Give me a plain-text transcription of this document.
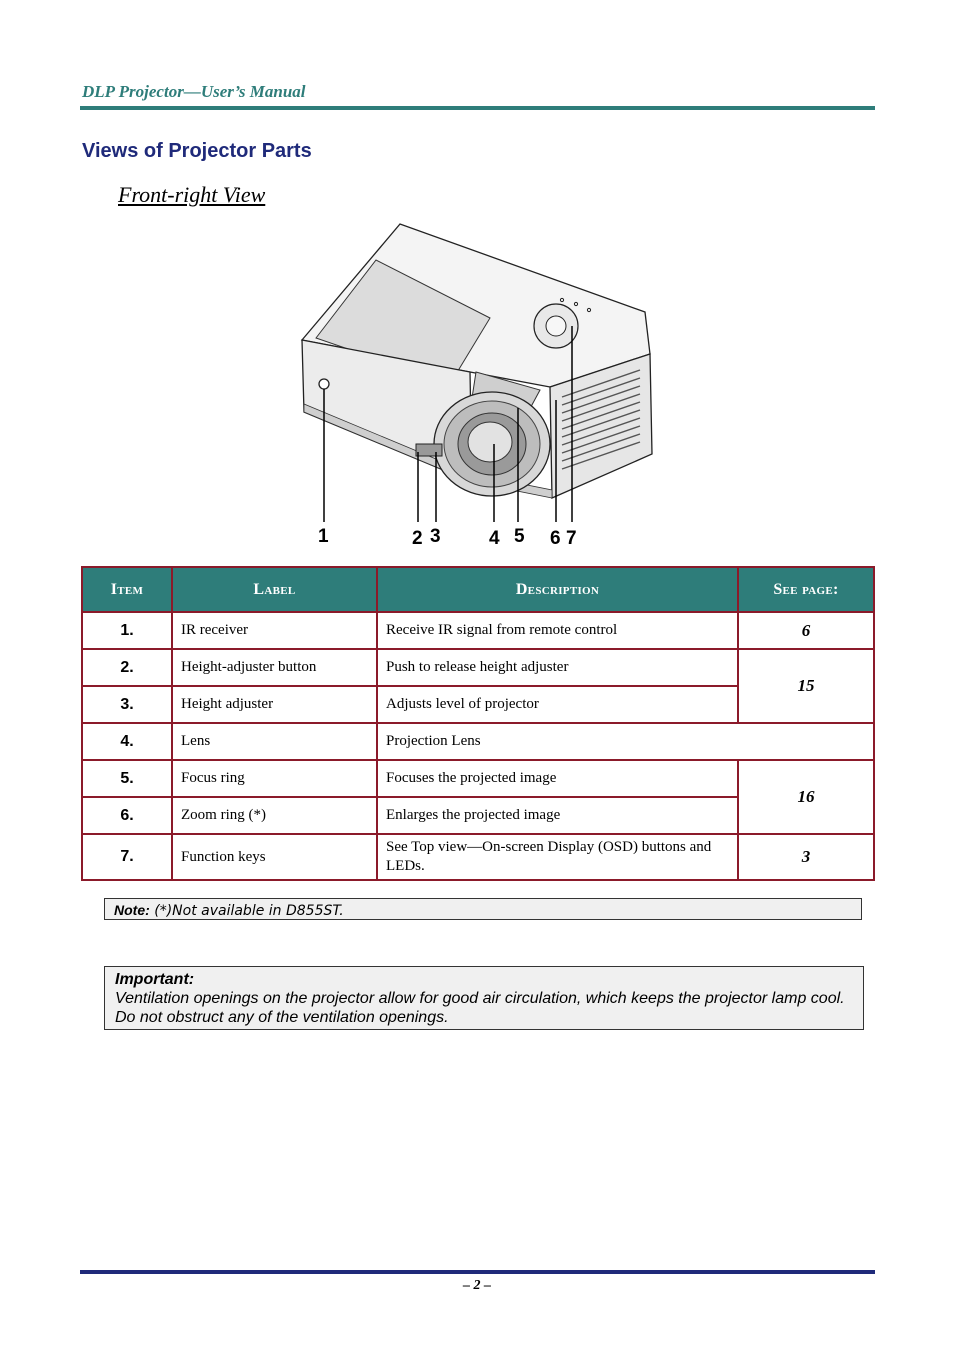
DLP Projector—User’s Manual
Views of Projector Parts
Front-right View
1	2 3	4 5 6 7
Item	Label	Description	See page:
1.	IR receiver	Receive IR signal from remote control	6
2.	Height-adjuster button	Push to release height adjuster	15
3.	Height adjuster	Adjusts level of projector	
4.	Lens	Projection Lens	
5.	Focus ring	Focuses the projected image	16
6.	Zoom ring (*)	Enlarges the projected image	
7.	Function keys	See Top view—On-screen Display (OSD) buttons and LEDs.	3
Note: (*)Not available in D855ST.
Important:
Ventilation openings on the projector allow for good air circulation, which keeps the projector lamp cool. Do not obstruct any of the ventilation openings.
– 2 –
